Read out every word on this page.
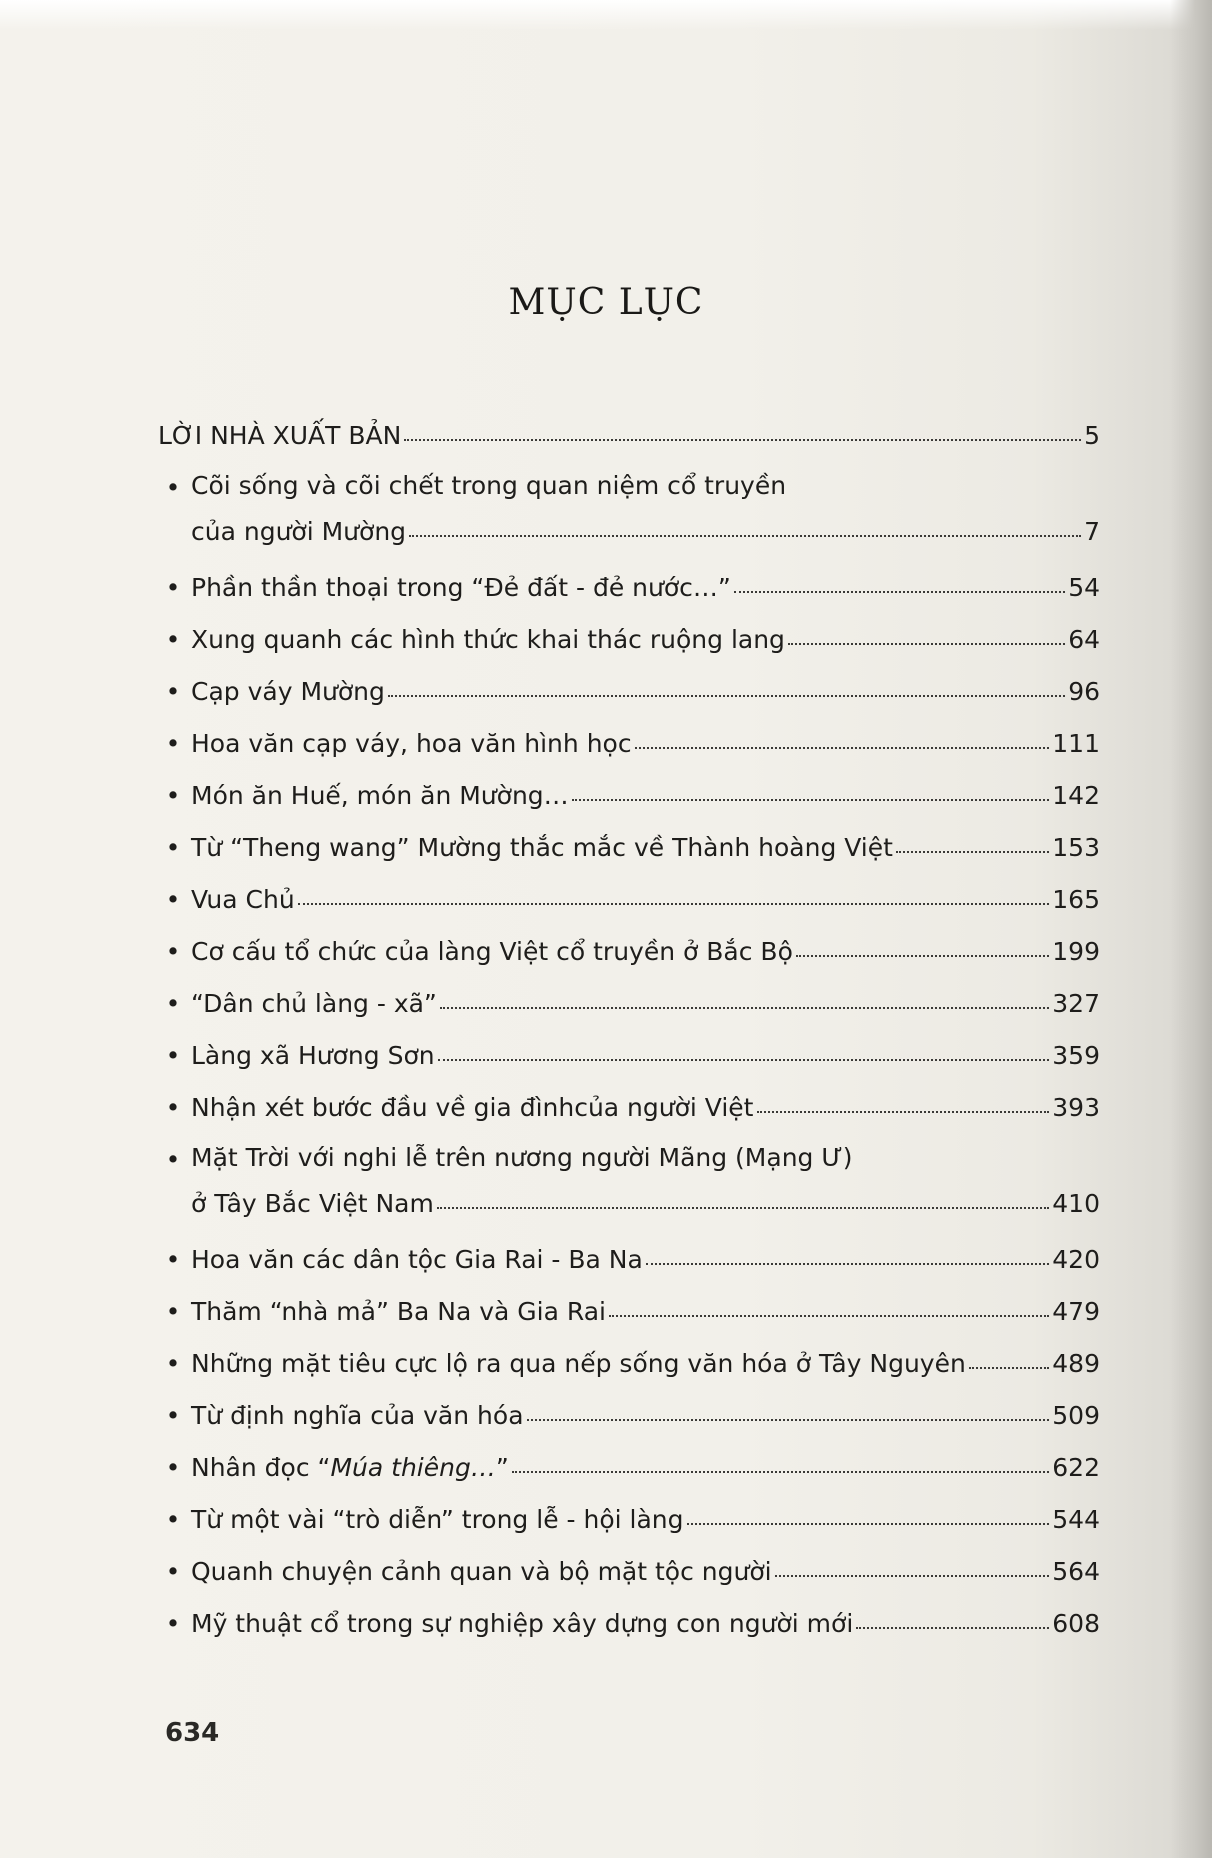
MỤC LỤC
LỜI NHÀ XUẤT BẢN	5
• Cõi sống và cõi chết trong quan niệm cổ truyền
của người Mường	7
• Phần thần thoại trong “Đẻ đất - đẻ nước…”	54
• Xung quanh các hình thức khai thác ruộng lang	64
• Cạp váy Mường	96
• Hoa văn cạp váy, hoa văn hình học	111
• Món ăn Huế, món ăn Mường…	142
• Từ “Theng wang” Mường thắc mắc về Thành hoàng Việt	153
• Vua Chủ	165
• Cơ cấu tổ chức của làng Việt cổ truyền ở Bắc Bộ	199
• “Dân chủ làng - xã”	327
• Làng xã Hương Sơn	359
• Nhận xét bước đầu về gia đìnhcủa người Việt	393
• Mặt Trời với nghi lễ trên nương người Mãng (Mạng Ư)
ở Tây Bắc Việt Nam	410
• Hoa văn các dân tộc Gia Rai - Ba Na	420
• Thăm “nhà mả” Ba Na và Gia Rai	479
• Những mặt tiêu cực lộ ra qua nếp sống văn hóa ở Tây Nguyên	489
• Từ định nghĩa của văn hóa	509
• Nhân đọc “Múa thiêng…”	622
• Từ một vài “trò diễn” trong lễ - hội làng	544
• Quanh chuyện cảnh quan và bộ mặt tộc người	564
• Mỹ thuật cổ trong sự nghiệp xây dựng con người mới	608
634
